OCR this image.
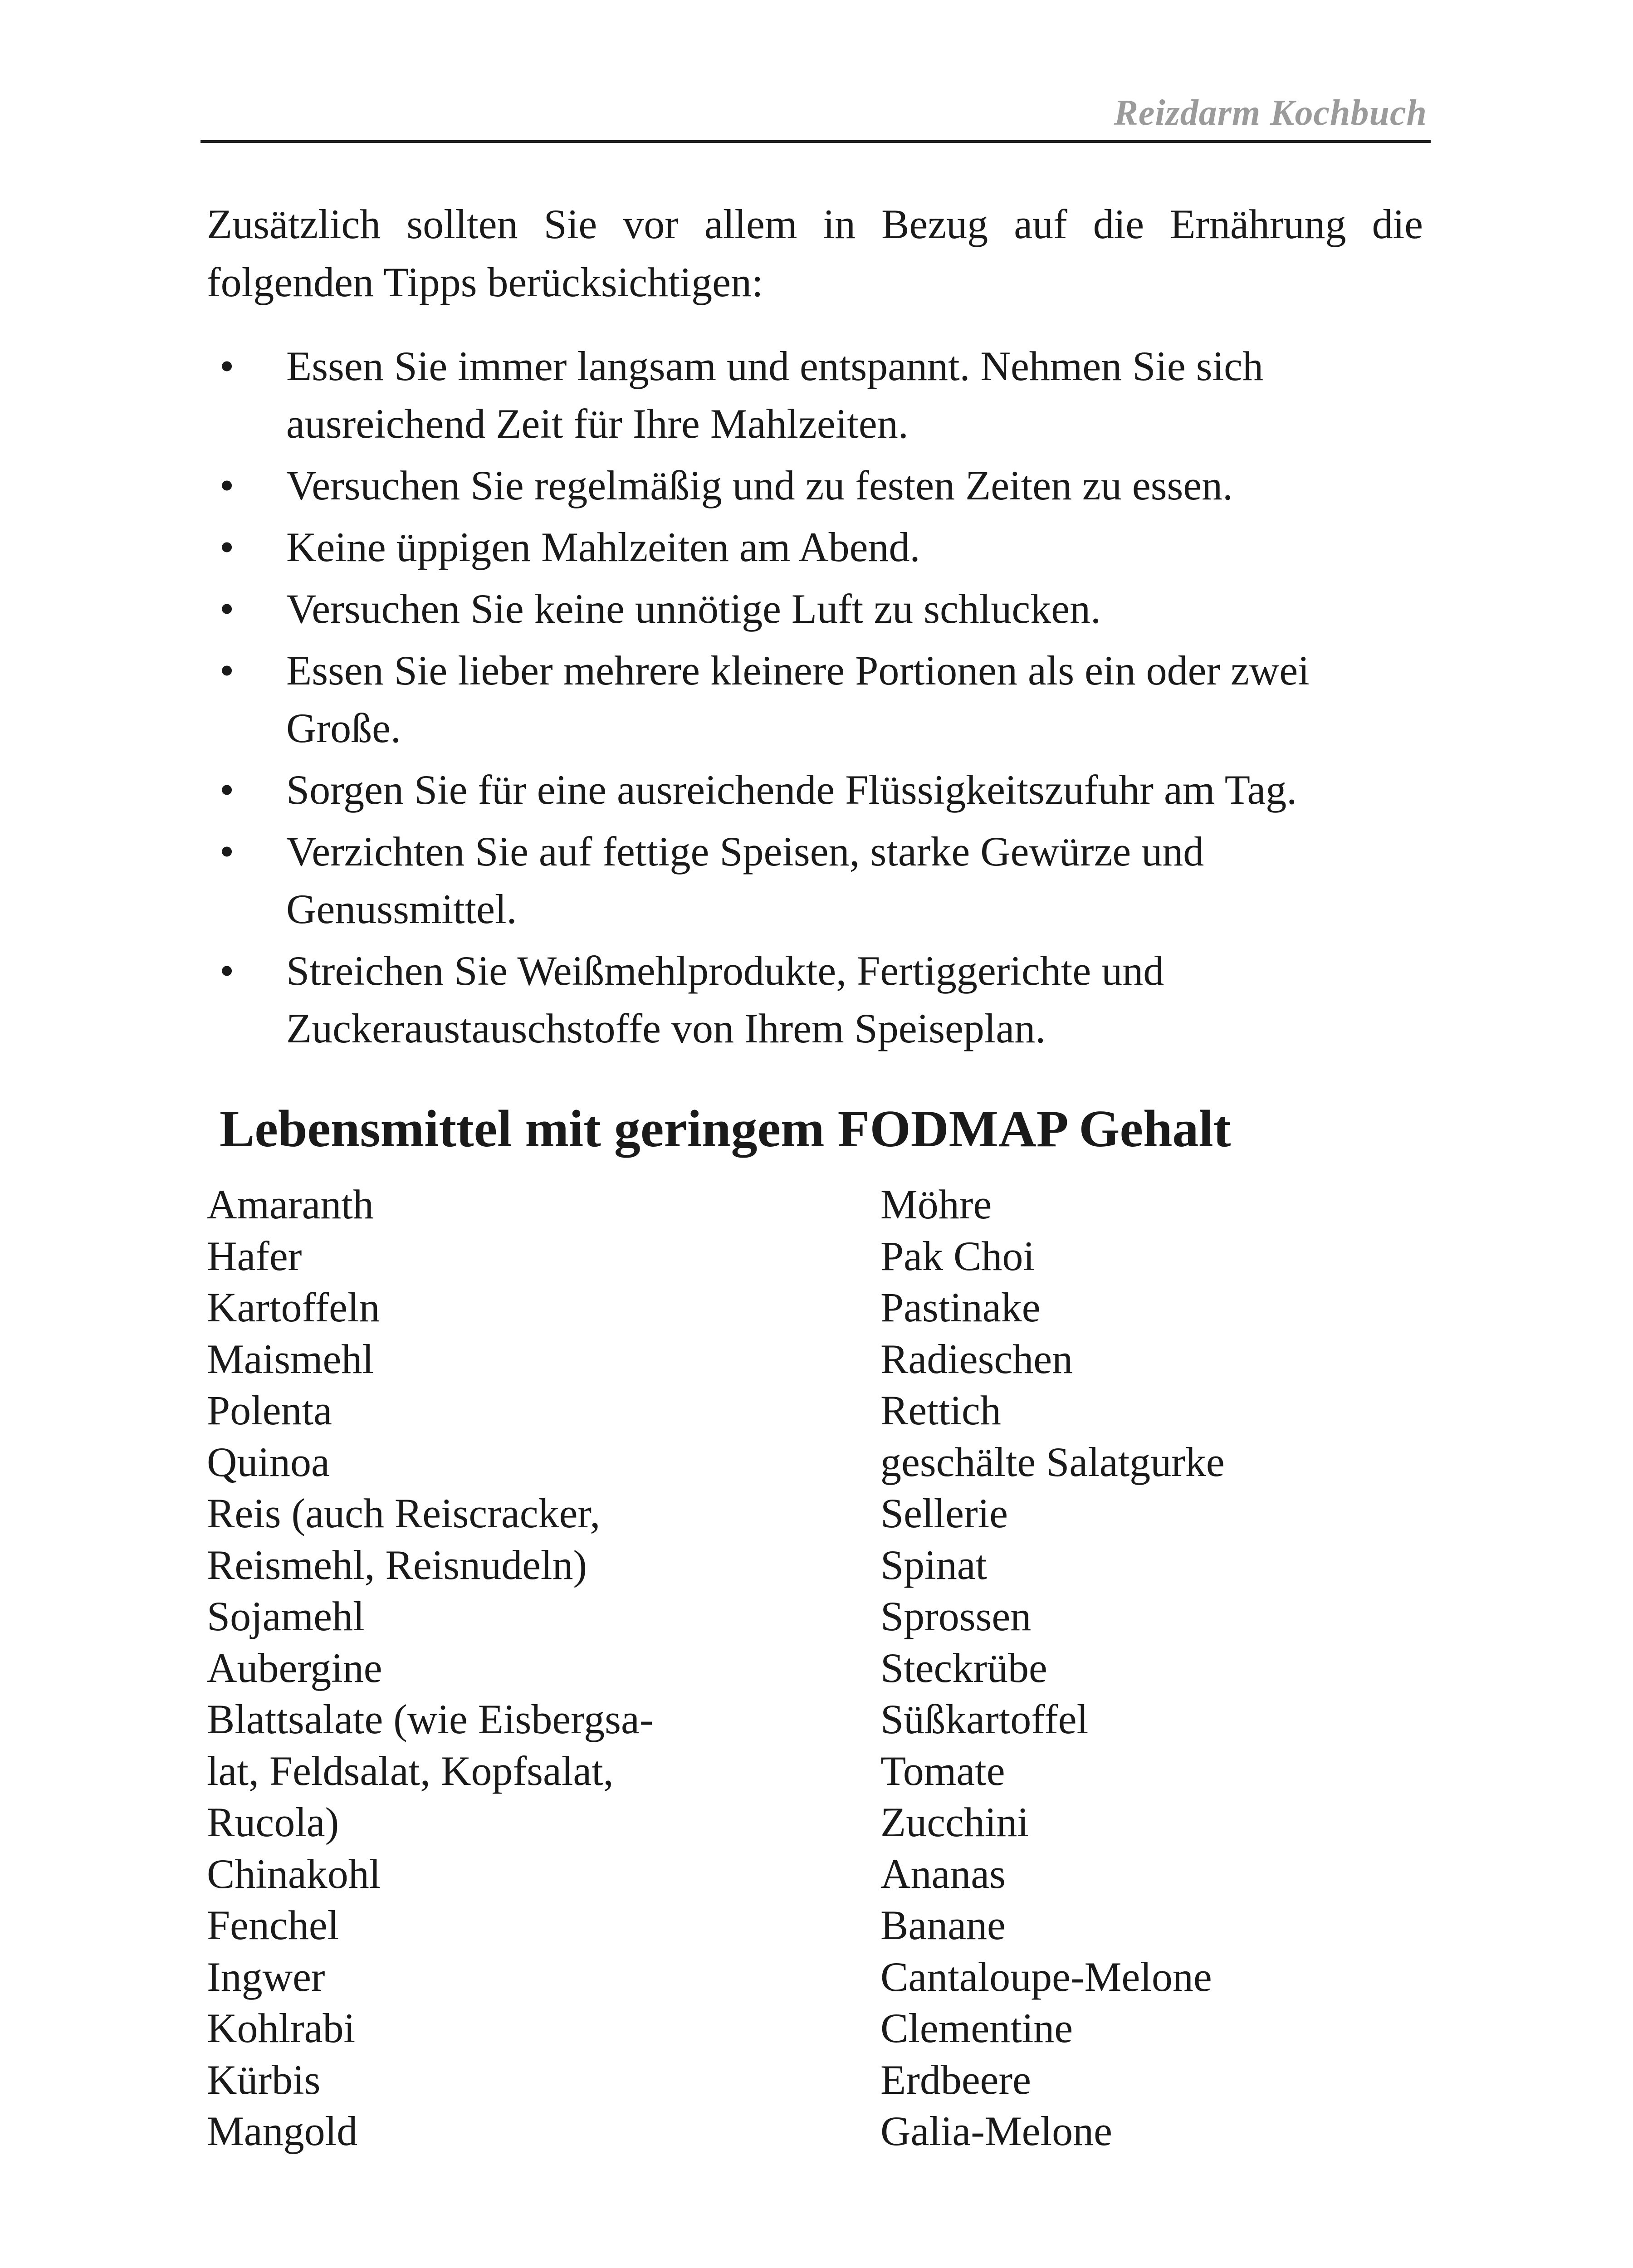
Reizdarm Kochbuch

Zusätzlich sollten Sie vor allem in Bezug auf die Ernährung die folgenden Tipps berücksichtigen:

• Essen Sie immer langsam und entspannt. Nehmen Sie sich ausreichend Zeit für Ihre Mahlzeiten.
• Versuchen Sie regelmäßig und zu festen Zeiten zu essen.
• Keine üppigen Mahlzeiten am Abend.
• Versuchen Sie keine unnötige Luft zu schlucken.
• Essen Sie lieber mehrere kleinere Portionen als ein oder zwei Große.
• Sorgen Sie für eine ausreichende Flüssigkeitszufuhr am Tag.
• Verzichten Sie auf fettige Speisen, starke Gewürze und Genussmittel.
• Streichen Sie Weißmehlprodukte, Fertiggerichte und Zuckeraustauschstoffe von Ihrem Speiseplan.
Lebensmittel mit geringem FODMAP Gehalt
Amaranth
Hafer
Kartoffeln
Maismehl
Polenta
Quinoa
Reis (auch Reiscracker,
Reismehl, Reisnudeln)
Sojamehl
Aubergine
Blattsalate (wie Eisbergsa-
lat, Feldsalat, Kopfsalat,
Rucola)
Chinakohl
Fenchel
Ingwer
Kohlrabi
Kürbis
Mangold
Möhre
Pak Choi
Pastinake
Radieschen
Rettich
geschälte Salatgurke
Sellerie
Spinat
Sprossen
Steckrübe
Süßkartoffel
Tomate
Zucchini
Ananas
Banane
Cantaloupe-Melone
Clementine
Erdbeere
Galia-Melone
